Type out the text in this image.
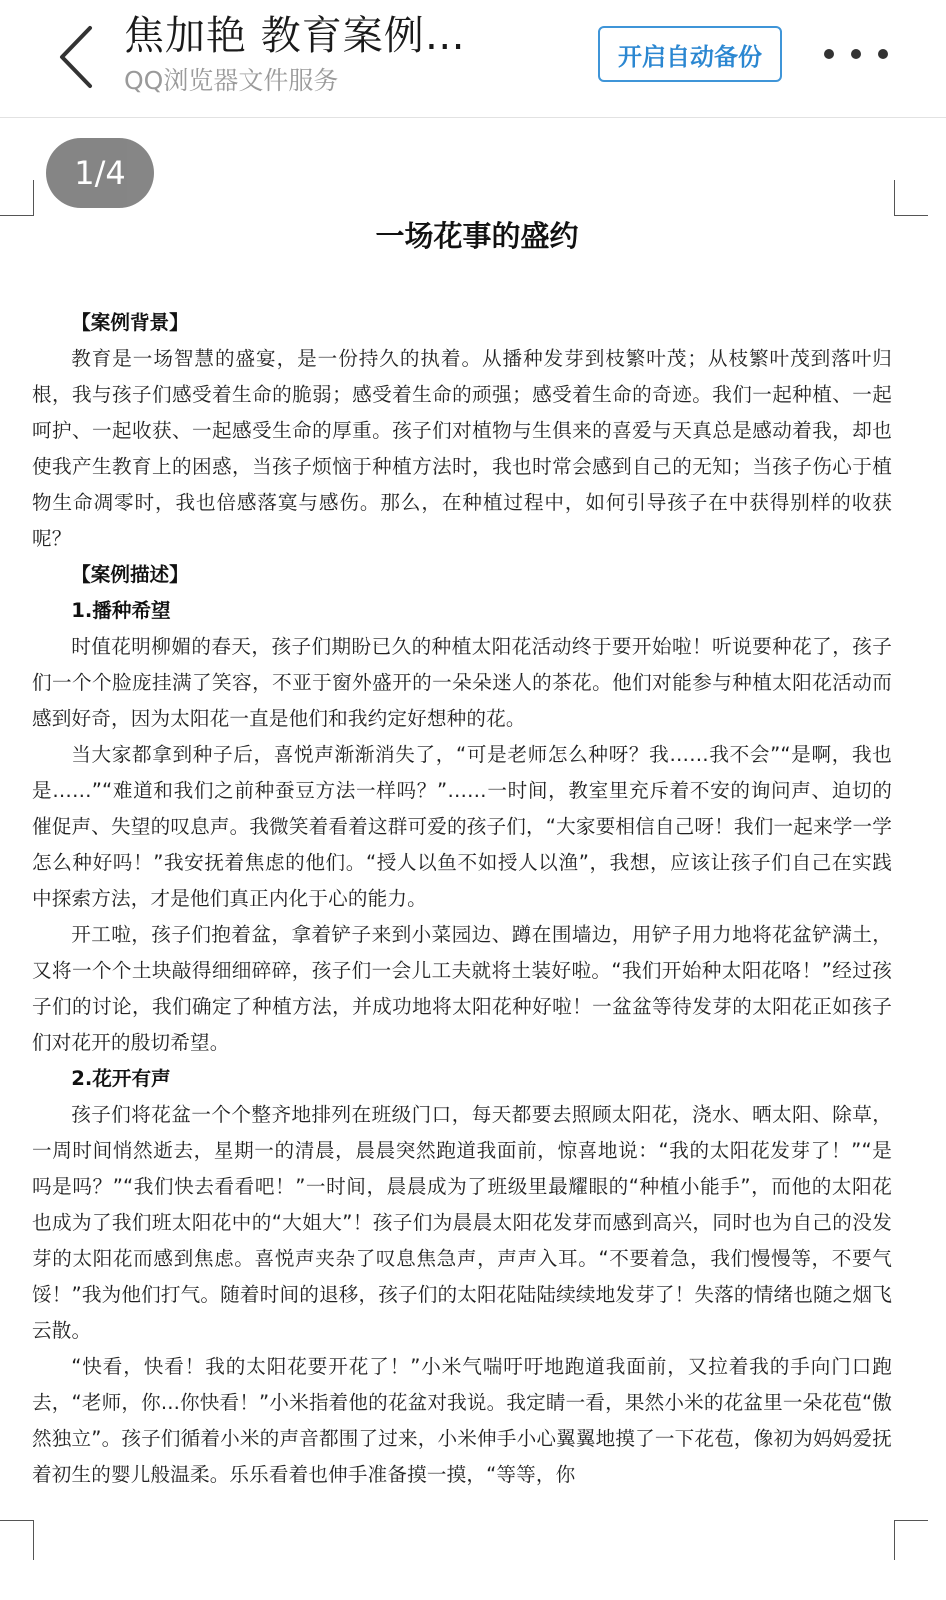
焦加艳 教育案例…
QQ浏览器文件服务
开启自动备份
1/4
一场花事的盛约
【案例背景】
教育是一场智慧的盛宴，是一份持久的执着。从播种发芽到枝繁叶茂；从枝繁叶茂到落叶归根，我与孩子们感受着生命的脆弱；感受着生命的顽强；感受着生命的奇迹。我们一起种植、一起呵护、一起收获、一起感受生命的厚重。孩子们对植物与生俱来的喜爱与天真总是感动着我，却也使我产生教育上的困惑，当孩子烦恼于种植方法时，我也时常会感到自己的无知；当孩子伤心于植物生命凋零时，我也倍感落寞与感伤。那么，在种植过程中，如何引导孩子在中获得别样的收获呢？
【案例描述】
1.播种希望
时值花明柳媚的春天，孩子们期盼已久的种植太阳花活动终于要开始啦！听说要种花了，孩子们一个个脸庞挂满了笑容，不亚于窗外盛开的一朵朵迷人的茶花。他们对能参与种植太阳花活动而感到好奇，因为太阳花一直是他们和我约定好想种的花。
当大家都拿到种子后，喜悦声渐渐消失了，“可是老师怎么种呀？我……我不会”“是啊，我也是……”“难道和我们之前种蚕豆方法一样吗？”……一时间，教室里充斥着不安的询问声、迫切的催促声、失望的叹息声。我微笑着看着这群可爱的孩子们，“大家要相信自己呀！我们一起来学一学怎么种好吗！”我安抚着焦虑的他们。“授人以鱼不如授人以渔”，我想，应该让孩子们自己在实践中探索方法，才是他们真正内化于心的能力。
开工啦，孩子们抱着盆，拿着铲子来到小菜园边、蹲在围墙边，用铲子用力地将花盆铲满土，又将一个个土块敲得细细碎碎，孩子们一会儿工夫就将土装好啦。“我们开始种太阳花咯！”经过孩子们的讨论，我们确定了种植方法，并成功地将太阳花种好啦！一盆盆等待发芽的太阳花正如孩子们对花开的殷切希望。
2.花开有声
孩子们将花盆一个个整齐地排列在班级门口，每天都要去照顾太阳花，浇水、晒太阳、除草，一周时间悄然逝去，星期一的清晨，晨晨突然跑道我面前，惊喜地说：“我的太阳花发芽了！”“是吗是吗？”“我们快去看看吧！”一时间，晨晨成为了班级里最耀眼的“种植小能手”，而他的太阳花也成为了我们班太阳花中的“大姐大”！孩子们为晨晨太阳花发芽而感到高兴，同时也为自己的没发芽的太阳花而感到焦虑。喜悦声夹杂了叹息焦急声，声声入耳。“不要着急，我们慢慢等，不要气馁！”我为他们打气。随着时间的退移，孩子们的太阳花陆陆续续地发芽了！失落的情绪也随之烟飞云散。
“快看，快看！我的太阳花要开花了！”小米气喘吁吁地跑道我面前，又拉着我的手向门口跑去，“老师，你...你快看！”小米指着他的花盆对我说。我定睛一看，果然小米的花盆里一朵花苞“傲然独立”。孩子们循着小米的声音都围了过来，小米伸手小心翼翼地摸了一下花苞，像初为妈妈爱抚着初生的婴儿般温柔。乐乐看着也伸手准备摸一摸，“等等，你
